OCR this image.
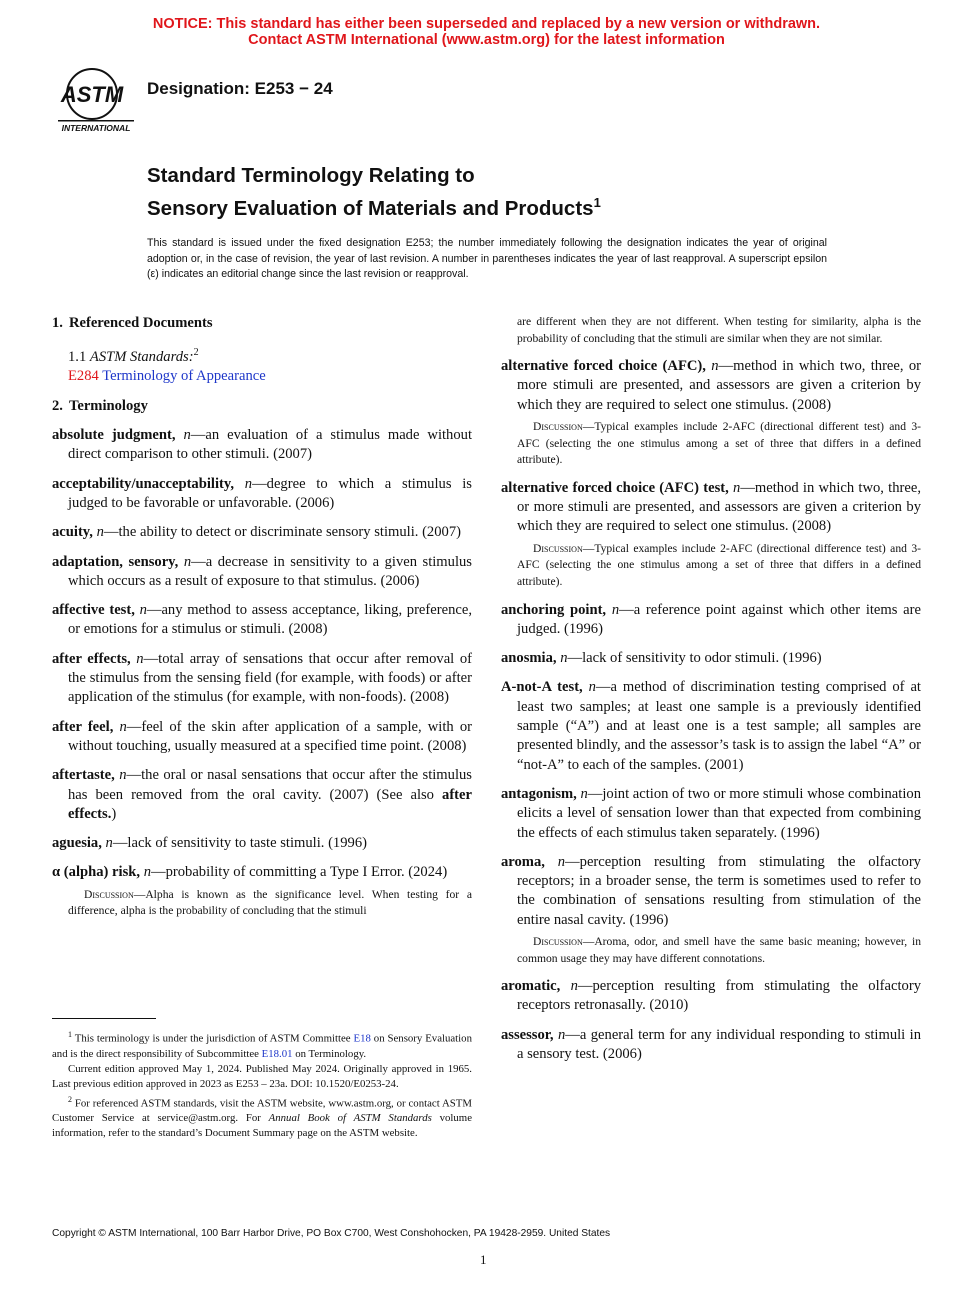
NOTICE: This standard has either been superseded and replaced by a new version or withdrawn.
Contact ASTM International (www.astm.org) for the latest information
ASTM
INTERNATIONAL
Designation: E253 − 24
Standard Terminology Relating to
Sensory Evaluation of Materials and Products$^1$
This standard is issued under the fixed designation E253; the number immediately following the designation indicates the year of original adoption or, in the case of revision, the year of last revision. A number in parentheses indicates the year of last reapproval. A superscript epsilon (ε) indicates an editorial change since the last revision or reapproval.

1. Referenced Documents

1.1 ASTM Standards:$^2$

E284 Terminology of Appearance

2. Terminology

absolute judgment, n—an evaluation of a stimulus made without direct comparison to other stimuli. (2007)

acceptability/unacceptability, n—degree to which a stimulus is judged to be favorable or unfavorable. (2006)

acuity, n—the ability to detect or discriminate sensory stimuli. (2007)

adaptation, sensory, n—a decrease in sensitivity to a given stimulus which occurs as a result of exposure to that stimulus. (2006)

affective test, n—any method to assess acceptance, liking, preference, or emotions for a stimulus or stimuli. (2008)

after effects, n—total array of sensations that occur after removal of the stimulus from the sensing field (for example, with foods) or after application of the stimulus (for example, with non-foods). (2008)

after feel, n—feel of the skin after application of a sample, with or without touching, usually measured at a specified time point. (2008)

aftertaste, n—the oral or nasal sensations that occur after the stimulus has been removed from the oral cavity. (2007) (See also after effects.)

aguesia, n—lack of sensitivity to taste stimuli. (1996)

α (alpha) risk, n—probability of committing a Type I Error. (2024)

Discussion—Alpha is known as the significance level. When testing for a difference, alpha is the probability of concluding that the stimuli

$^1$ This terminology is under the jurisdiction of ASTM Committee E18 on Sensory Evaluation and is the direct responsibility of Subcommittee E18.01 on Terminology.

Current edition approved May 1, 2024. Published May 2024. Originally approved in 1965. Last previous edition approved in 2023 as E253 – 23a. DOI: 10.1520/E0253-24.

$^2$ For referenced ASTM standards, visit the ASTM website, www.astm.org, or contact ASTM Customer Service at service@astm.org. For Annual Book of ASTM Standards volume information, refer to the standard’s Document Summary page on the ASTM website.

are different when they are not different. When testing for similarity, alpha is the probability of concluding that the stimuli are similar when they are not similar.

alternative forced choice (AFC), n—method in which two, three, or more stimuli are presented, and assessors are given a criterion by which they are required to select one stimulus. (2008)

Discussion—Typical examples include 2-AFC (directional different test) and 3-AFC (selecting the one stimulus among a set of three that differs in a defined attribute).

alternative forced choice (AFC) test, n—method in which two, three, or more stimuli are presented, and assessors are given a criterion by which they are required to select one stimulus. (2008)

Discussion—Typical examples include 2-AFC (directional difference test) and 3-AFC (selecting the one stimulus among a set of three that differs in a defined attribute).

anchoring point, n—a reference point against which other items are judged. (1996)

anosmia, n—lack of sensitivity to odor stimuli. (1996)

A-not-A test, n—a method of discrimination testing comprised of at least two samples; at least one sample is a previously identified sample (“A”) and at least one is a test sample; all samples are presented blindly, and the assessor’s task is to assign the label “A” or “not-A” to each of the samples. (2001)

antagonism, n—joint action of two or more stimuli whose combination elicits a level of sensation lower than that expected from combining the effects of each stimulus taken separately. (1996)

aroma, n—perception resulting from stimulating the olfactory receptors; in a broader sense, the term is sometimes used to refer to the combination of sensations resulting from stimulation of the entire nasal cavity. (1996)

Discussion—Aroma, odor, and smell have the same basic meaning; however, in common usage they may have different connotations.

aromatic, n—perception resulting from stimulating the olfactory receptors retronasally. (2010)

assessor, n—a general term for any individual responding to stimuli in a sensory test. (2006)

Copyright © ASTM International, 100 Barr Harbor Drive, PO Box C700, West Conshohocken, PA 19428-2959. United States
1
